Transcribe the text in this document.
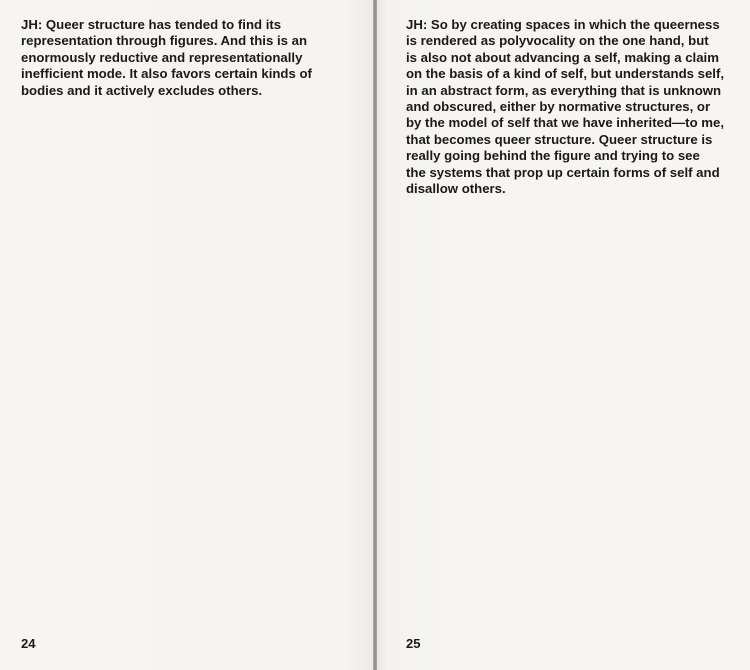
JH: Queer structure has tended to find its
representation through figures. And this is an
enormously reductive and representationally
inefficient mode. It also favors certain kinds of
bodies and it actively excludes others.

24

JH: So by creating spaces in which the queerness
is rendered as polyvocality on the one hand, but
is also not about advancing a self, making a claim
on the basis of a kind of self, but understands self,
in an abstract form, as everything that is unknown
and obscured, either by normative structures, or
by the model of self that we have inherited—to me,
that becomes queer structure. Queer structure is
really going behind the figure and trying to see
the systems that prop up certain forms of self and
disallow others.

25
